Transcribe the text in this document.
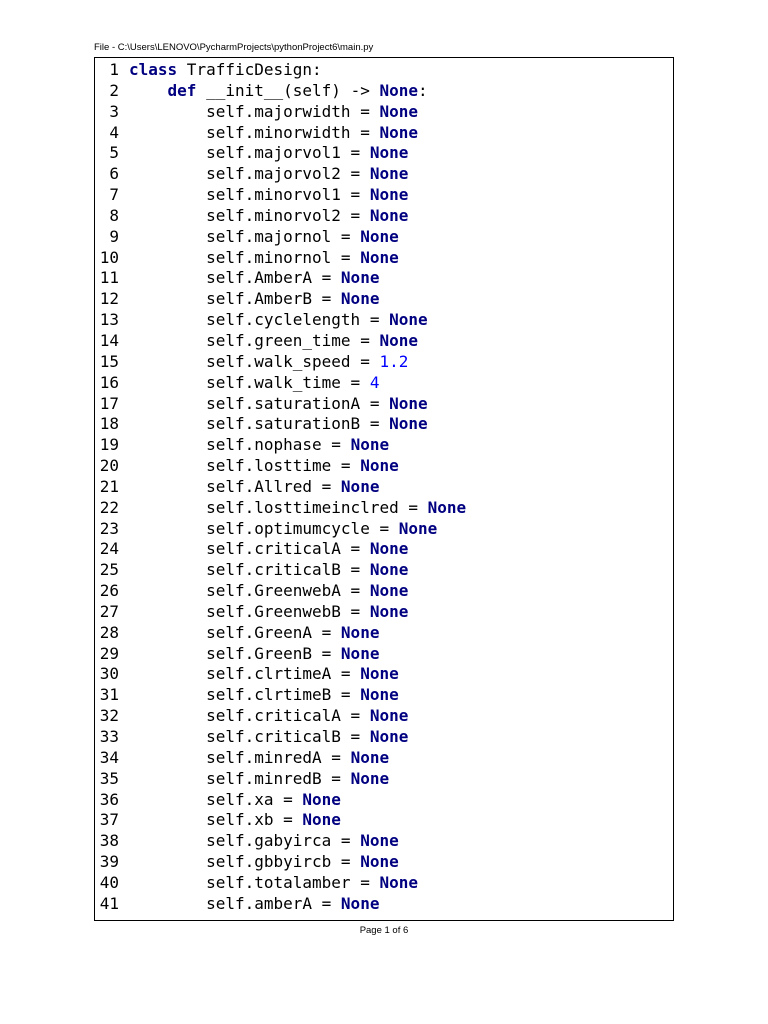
File - C:\Users\LENOVO\PycharmProjects\pythonProject6\main.py
1 class TrafficDesign:
2	def __init__(self) -> None:
3 self.majorwidth = None
4 self.minorwidth = None
5 self.majorvol1 = None
6 self.majorvol2 = None
7 self.minorvol1 = None
8 self.minorvol2 = None
9 self.majornol = None
10 self.minornol = None
11 self.AmberA = None
12 self.AmberB = None
13 self.cyclelength = None
14 self.green_time = None
15 self.walk_speed = 1.2
16 self.walk_time = 4
17 self.saturationA = None
18 self.saturationB = None
19 self.nophase = None
20 self.losttime = None
21 self.Allred = None
22 self.losttimeinclred = None
23 self.optimumcycle = None
24 self.criticalA = None
25 self.criticalB = None
26 self.GreenwebA = None
27 self.GreenwebB = None
28 self.GreenA = None
29 self.GreenB = None
30 self.clrtimeA = None
31 self.clrtimeB = None
32 self.criticalA = None
33 self.criticalB = None
34 self.minredA = None
35 self.minredB = None
36 self.xa = None
37 self.xb = None
38 self.gabyirca = None
39 self.gbbyircb = None
40 self.totalamber = None
41 self.amberA = None
Page 1 of 6
